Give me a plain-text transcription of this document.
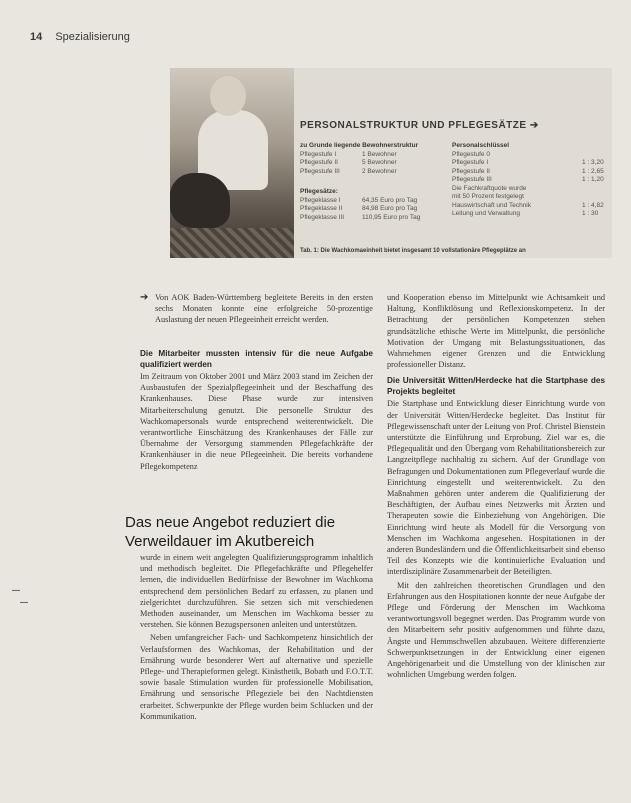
14 Spezialisierung
PERSONALSTRUKTUR UND PFLEGESÄTZE ➔
zu Grunde liegende Bewohnerstruktur
Pflegestufe I	1 Bewohner
Pflegestufe II	5 Bewohner
Pflegestufe III	2 Bewohner
Pflegesätze:
Pflegeklasse I	64,35 Euro pro Tag
Pflegeklasse II	84,98 Euro pro Tag
Pflegeklasse III	110,95 Euro pro Tag
Personalschlüssel
Pflegestufe 0
Pflegestufe I	1 : 3,20
Pflegestufe II	1 : 2,65
Pflegestufe III	1 : 1,20
Die Fachkraftquote wurde
mit 50 Prozent festgelegt
Hauswirtschaft und Technik	1 : 4,82
Leitung und Verwaltung	1 : 30
Tab. 1: Die Wachkomaeinheit bietet insgesamt 10 vollstationäre Pflegeplätze an
➔ Von AOK Baden-Württemberg begleitete Bereits in den ersten sechs Monaten konnte eine erfolgreiche 50-prozentige Auslastung der neuen Pflegeeinheit erreicht werden.

Die Mitarbeiter mussten intensiv für die neue Aufgabe qualifiziert werden

Im Zeitraum von Oktober 2001 und März 2003 stand im Zeichen der Ausbaustufen der Spezialpflegeeinheit und der Beschaffung des Krankenhauses. Diese Phase wurde zur intensiven Mitarbeiterschulung genutzt. Die personelle Struktur des Wachkomapersonals wurde entsprechend weiterentwickelt. Die verantwortliche Einschätzung des Krankenhauses der Fälle zur Übernahme der Versorgung stammenden Pflegefachkräfte der Krankenhäuser in die neue Pflegeeinheit. Die bereits vorhandene Pflegekompetenz

Das neue Angebot reduziert die Verweildauer im Akutbereich

wurde in einem weit angelegten Qualifizierungsprogramm inhaltlich und methodisch begleitet. Die Pflegefachkräfte und Pflegehelfer lernen, die individuellen Bedürfnisse der Bewohner im Wachkoma entsprechend dem persönlichen Bedarf zu erfassen, zu planen und zielgerichtet durchzuführen. Sie setzen sich mit verschiedenen Methoden auseinander, um Menschen im Wachkoma besser zu verstehen. Sie können Bezugspersonen anleiten und unterstützen.

Neben umfangreicher Fach- und Sachkompetenz hinsichtlich der Verlaufsformen des Wachkomas, der Rehabilitation und der Ernährung wurde besonderer Wert auf alternative und spezielle Pflege- und Therapieformen gelegt. Kinästhetik, Bobath und F.O.T.T. sowie basale Stimulation wurden für professionelle Mobilisation, Ernährung und sensorische Pflegeziele bei den Nachtdiensten erarbeitet. Schwerpunkte der Pflege wurden beim Schlucken und der Kommunikation.

und Kooperation ebenso im Mittelpunkt wie Achtsamkeit und Haltung, Konfliktlösung und Reflexionskompetenz. In der Betrachtung der persönlichen Kompetenzen stehen grundsätzliche ethische Werte im Mittelpunkt, die persönliche Motivation der Umgang mit Belastungssituationen, das Wahrnehmen eigener Grenzen und die Entwicklung professioneller Distanz.

Die Universität Witten/Herdecke hat die Startphase des Projekts begleitet

Die Startphase und Entwicklung dieser Einrichtung wurde von der Universität Witten/Herdecke begleitet. Das Institut für Pflegewissenschaft unter der Leitung von Prof. Christel Bienstein unterstützte die Einführung und Erprobung. Ziel war es, die Pflegequalität und den Übergang vom Rehabilitationsbereich zur Langzeitpflege nachhaltig zu sichern. Auf der Grundlage von Befragungen und Dokumentationen zum Pflegeverlauf wurde die Einrichtung eingestellt und weiterentwickelt. Zu den Maßnahmen gehören unter anderem die Qualifizierung der Beschäftigten, der Aufbau eines Netzwerks mit Ärzten und Therapeuten sowie die Einbeziehung von Angehörigen. Die Einrichtung wird heute als Modell für die Versorgung von Menschen im Wachkoma angesehen. Hospitationen in der anderen Bundesländern und die Öffentlichkeitsarbeit sind ebenso Teil des Konzepts wie die kontinuierliche Evaluation und interdisziplinäre Zusammenarbeit der Beteiligten.

Mit den zahlreichen theoretischen Grundlagen und den Erfahrungen aus den Hospitationen konnte der neue Aufgabe der Pflege und Förderung der Menschen im Wachkoma verantwortungsvoll begegnet werden. Das Programm wurde von den Mitarbeitern sehr positiv aufgenommen und führte dazu, Ängste und Hemmschwellen abzubauen. Weitere differenzierte Schwerpunktsetzungen in der Entwicklung einer eigenen Angehörigenarbeit und die Umstellung von der klinischen zur wohnlichen Umgebung werden folgen.
